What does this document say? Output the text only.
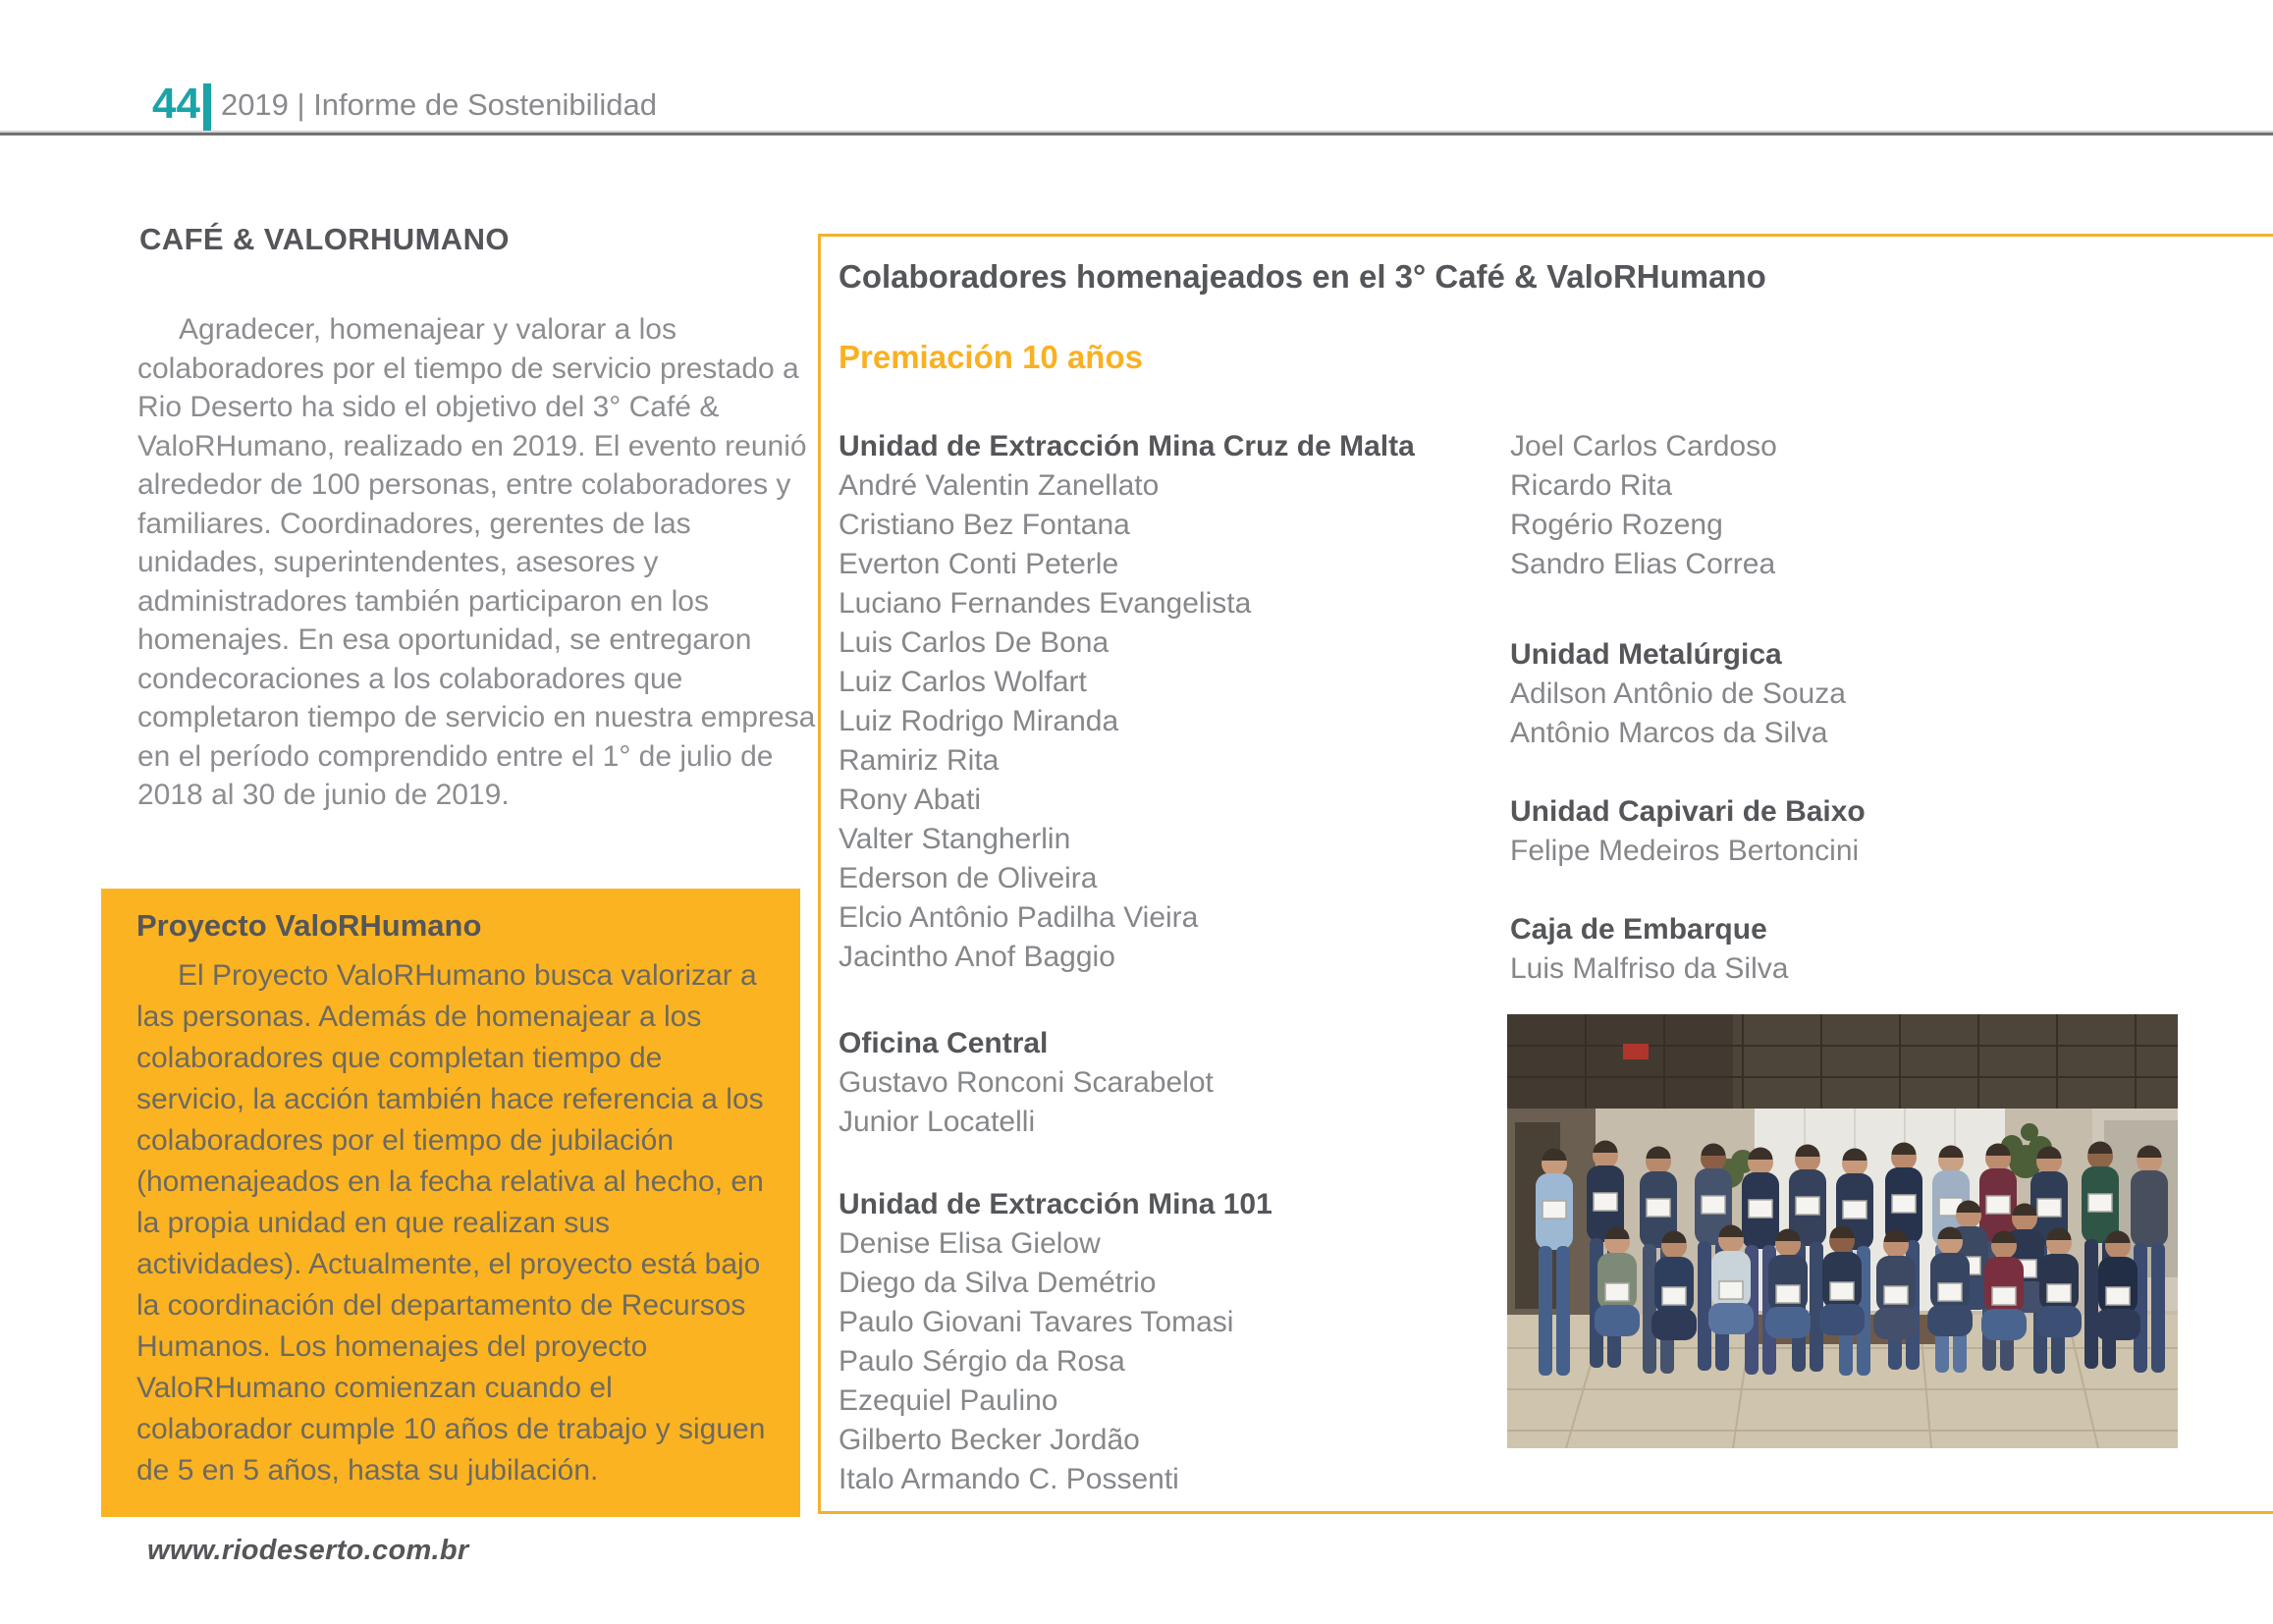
44 2019 | Informe de Sostenibilidad
CAFÉ & VALORHUMANO

Agradecer, homenajear y valorar a los colaboradores por el tiempo de servicio prestado a Rio Deserto ha sido el objetivo del 3° Café & ValoRHumano, realizado en 2019. El evento reunió alrededor de 100 personas, entre colaboradores y familiares. Coordinadores, gerentes de las unidades, superintendentes, asesores y administradores también participaron en los homenajes. En esa oportunidad, se entregaron condecoraciones a los colaboradores que completaron tiempo de servicio en nuestra empresa en el período comprendido entre el 1° de julio de 2018 al 30 de junio de 2019.

Proyecto ValoRHumano

El Proyecto ValoRHumano busca valorizar a las personas. Además de homenajear a los colaboradores que completan tiempo de servicio, la acción también hace referencia a los colaboradores por el tiempo de jubilación (homenajeados en la fecha relativa al hecho, en la propia unidad en que realizan sus actividades). Actualmente, el proyecto está bajo la coordinación del departamento de Recursos Humanos. Los homenajes del proyecto ValoRHumano comienzan cuando el colaborador cumple 10 años de trabajo y siguen de 5 en 5 años, hasta su jubilación.

Colaboradores homenajeados en el 3° Café & ValoRHumano
Premiación 10 años
Unidad de Extracción Mina Cruz de Malta
André Valentin Zanellato
Cristiano Bez Fontana
Everton Conti Peterle
Luciano Fernandes Evangelista
Luis Carlos De Bona
Luiz Carlos Wolfart
Luiz Rodrigo Miranda
Ramiriz Rita
Rony Abati
Valter Stangherlin
Ederson de Oliveira
Elcio Antônio Padilha Vieira
Jacintho Anof Baggio
Oficina Central
Gustavo Ronconi Scarabelot
Junior Locatelli
Unidad de Extracción Mina 101
Denise Elisa Gielow
Diego da Silva Demétrio
Paulo Giovani Tavares Tomasi
Paulo Sérgio da Rosa
Ezequiel Paulino
Gilberto Becker Jordão
Italo Armando C. Possenti
Joel Carlos Cardoso
Ricardo Rita
Rogério Rozeng
Sandro Elias Correa
Unidad Metalúrgica
Adilson Antônio de Souza
Antônio Marcos da Silva
Unidad Capivari de Baixo
Felipe Medeiros Bertoncini
Caja de Embarque
Luis Malfriso da Silva
www.riodeserto.com.br
